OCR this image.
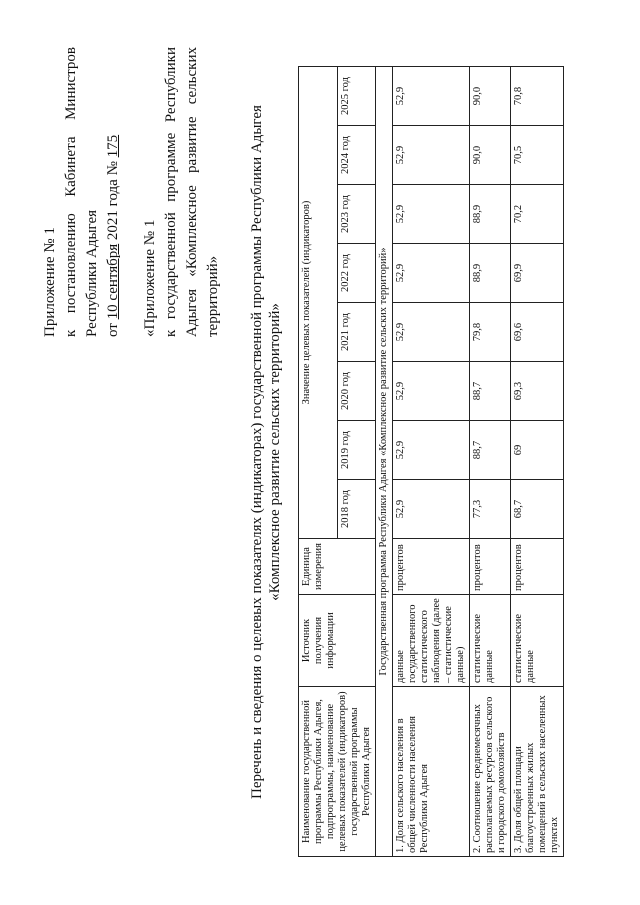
Приложение № 1 к постановлению Кабинета Министров Республики Адыгея от 10 сентября 2021 года № 175

«Приложение № 1 к государственной программе Республики Адыгея «Комплексное развитие сельских территорий» Перечень и сведения о целевых показателях (индикаторах) государственной программы Республики Адыгея «Комплексное развитие сельских территорий»

Наименование государственной программы Республики Адыгея, подпрограммы, наименование целевых показателей (индикаторов) государственной программы Республики Адыгея	Источник получения информации	Единица измерения	Значение целевых показателей (индикаторов)							
			2018 год	2019 год	2020 год	2021 год	2022 год	2023 год	2024 год	2025 год
Государственная программа Республики Адыгея «Комплексное развитие сельских территорий»										
1. Доля сельского населения в общей численности населения Республики Адыгея	данные государственного статистического наблюдения (далее – статистические данные)	процентов	52,9	52,9	52,9	52,9	52,9	52,9	52,9	52,9
2. Соотношение среднемесячных располагаемых ресурсов сельского и городского домохозяйств	статистические данные	процентов	77,3	88,7	88,7	79,8	88,9	88,9	90,0	90,0
3. Доля общей площади благоустроенных жилых помещений в сельских населенных пунктах	статистические данные	процентов	68,7	69	69,3	69,6	69,9	70,2	70,5	70,8
